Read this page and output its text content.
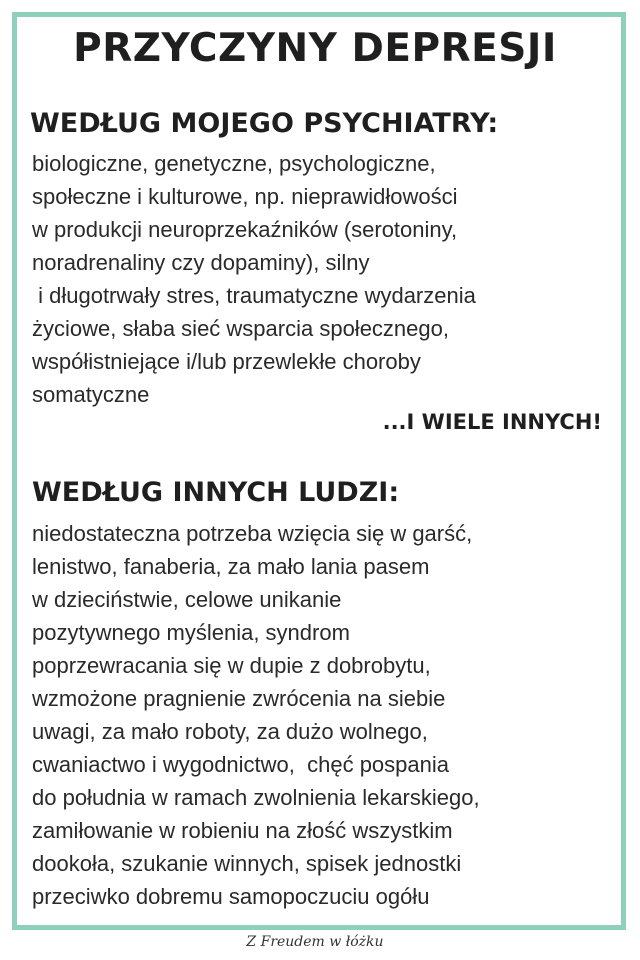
PRZYCZYNY DEPRESJI
WEDŁUG MOJEGO PSYCHIATRY:
biologiczne, genetyczne, psychologiczne,
społeczne i kulturowe, np. nieprawidłowości
w produkcji neuroprzekaźników (serotoniny,
noradrenaliny czy dopaminy), silny
i długotrwały stres, traumatyczne wydarzenia
życiowe, słaba sieć wsparcia społecznego,
współistniejące i/lub przewlekłe choroby
somatyczne

...I WIELE INNYCH!

WEDŁUG INNYCH LUDZI:
niedostateczna potrzeba wzięcia się w garść,
lenistwo, fanaberia, za mało lania pasem
w dzieciństwie, celowe unikanie
pozytywnego myślenia, syndrom
poprzewracania się w dupie z dobrobytu,
wzmożone pragnienie zwrócenia na siebie
uwagi, za mało roboty, za dużo wolnego,
cwaniactwo i wygodnictwo,  chęć pospania
do południa w ramach zwolnienia lekarskiego,
zamiłowanie w robieniu na złość wszystkim
dookoła, szukanie winnych, spisek jednostki
przeciwko dobremu samopoczuciu ogółu
Z Freudem w łóżku
